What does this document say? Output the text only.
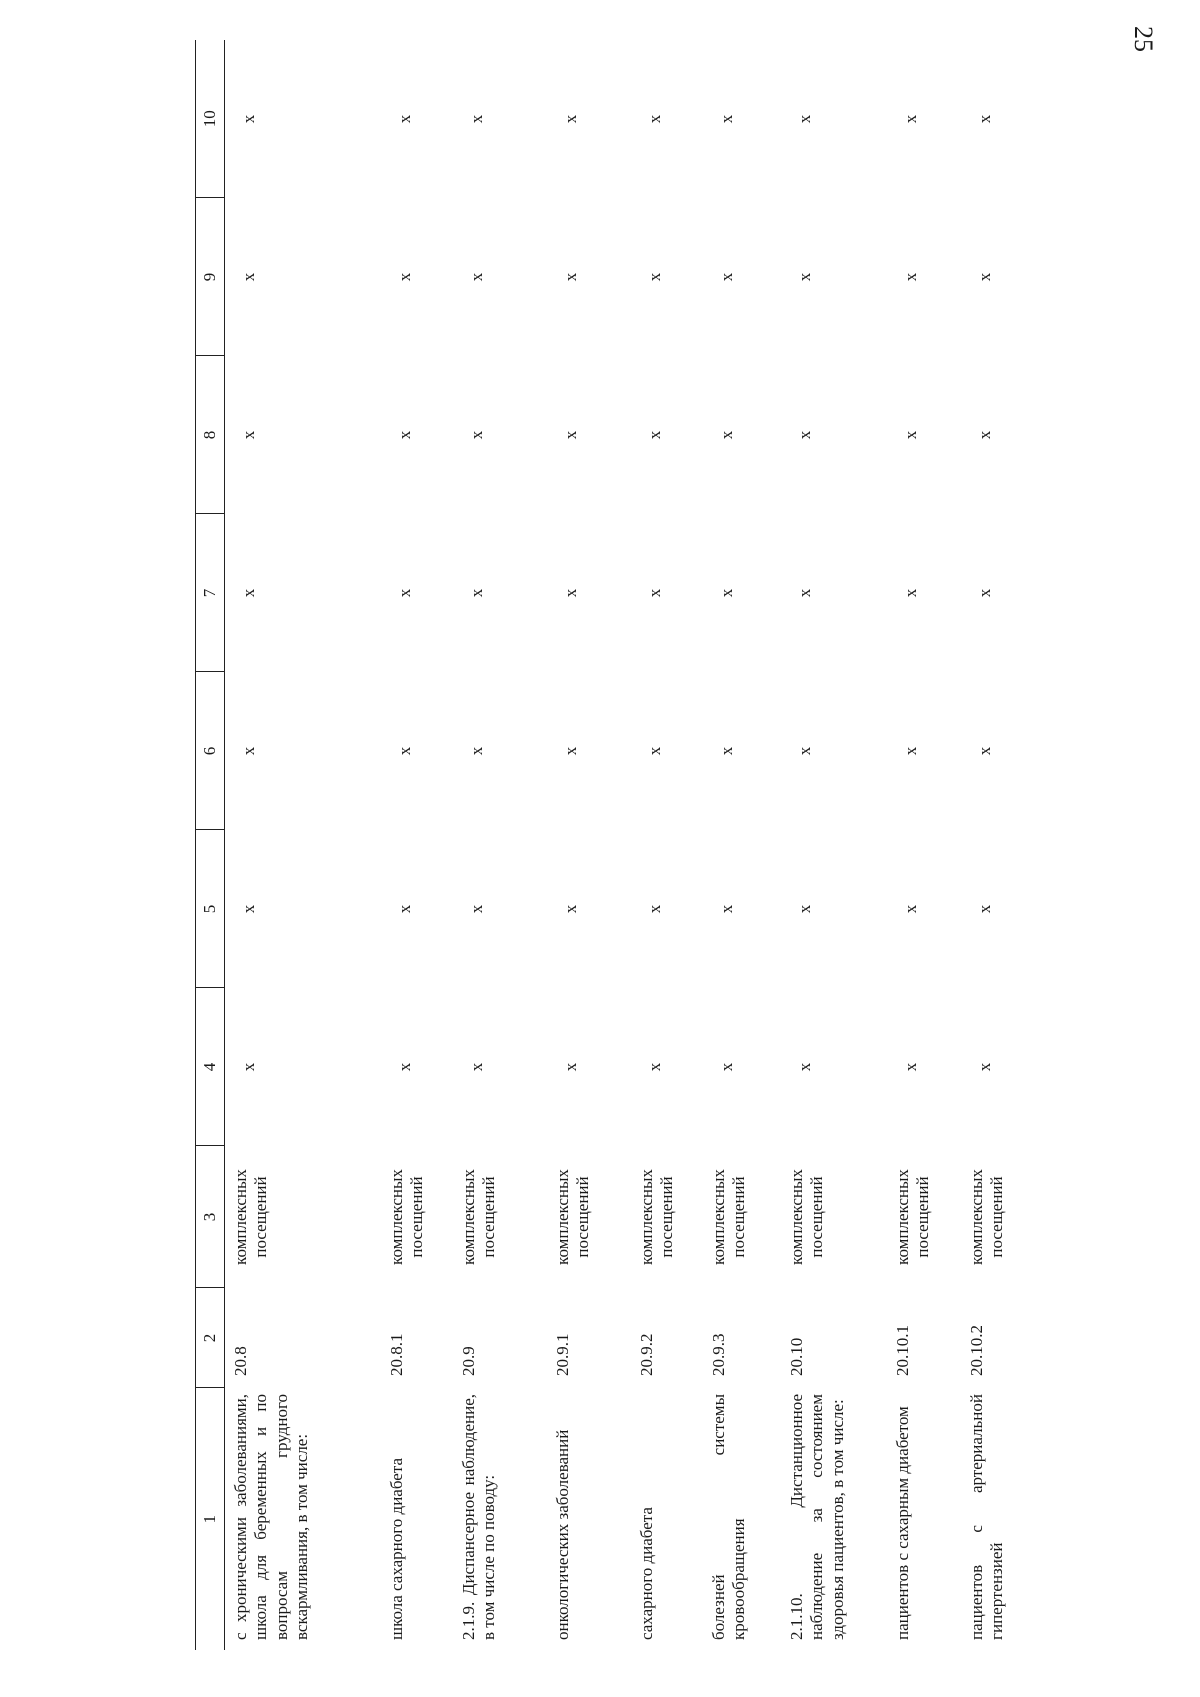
25
1	2	3	4	5	6	7	8	9	10
с хроническими заболеваниями, школа для беременных и по вопросам грудного вскармливания, в том числе:	20.8	комплексных посещений	x	x	x	x	x	x	x
школа сахарного диабета	20.8.1	комплексных посещений	x	x	x	x	x	x	x
2.1.9. Диспансерное наблюдение, в том числе по поводу:	20.9	комплексных посещений	x	x	x	x	x	x	x
онкологических заболеваний	20.9.1	комплексных посещений	x	x	x	x	x	x	x
сахарного диабета	20.9.2	комплексных посещений	x	x	x	x	x	x	x
болезней системы кровообращения	20.9.3	комплексных посещений	x	x	x	x	x	x	x
2.1.10. Дистанционное наблюдение за состоянием здоровья пациентов, в том числе:	20.10	комплексных посещений	x	x	x	x	x	x	x
пациентов с сахарным диабетом	20.10.1	комплексных посещений	x	x	x	x	x	x	x
пациентов с артериальной гипертензией	20.10.2	комплексных посещений	x	x	x	x	x	x	x
